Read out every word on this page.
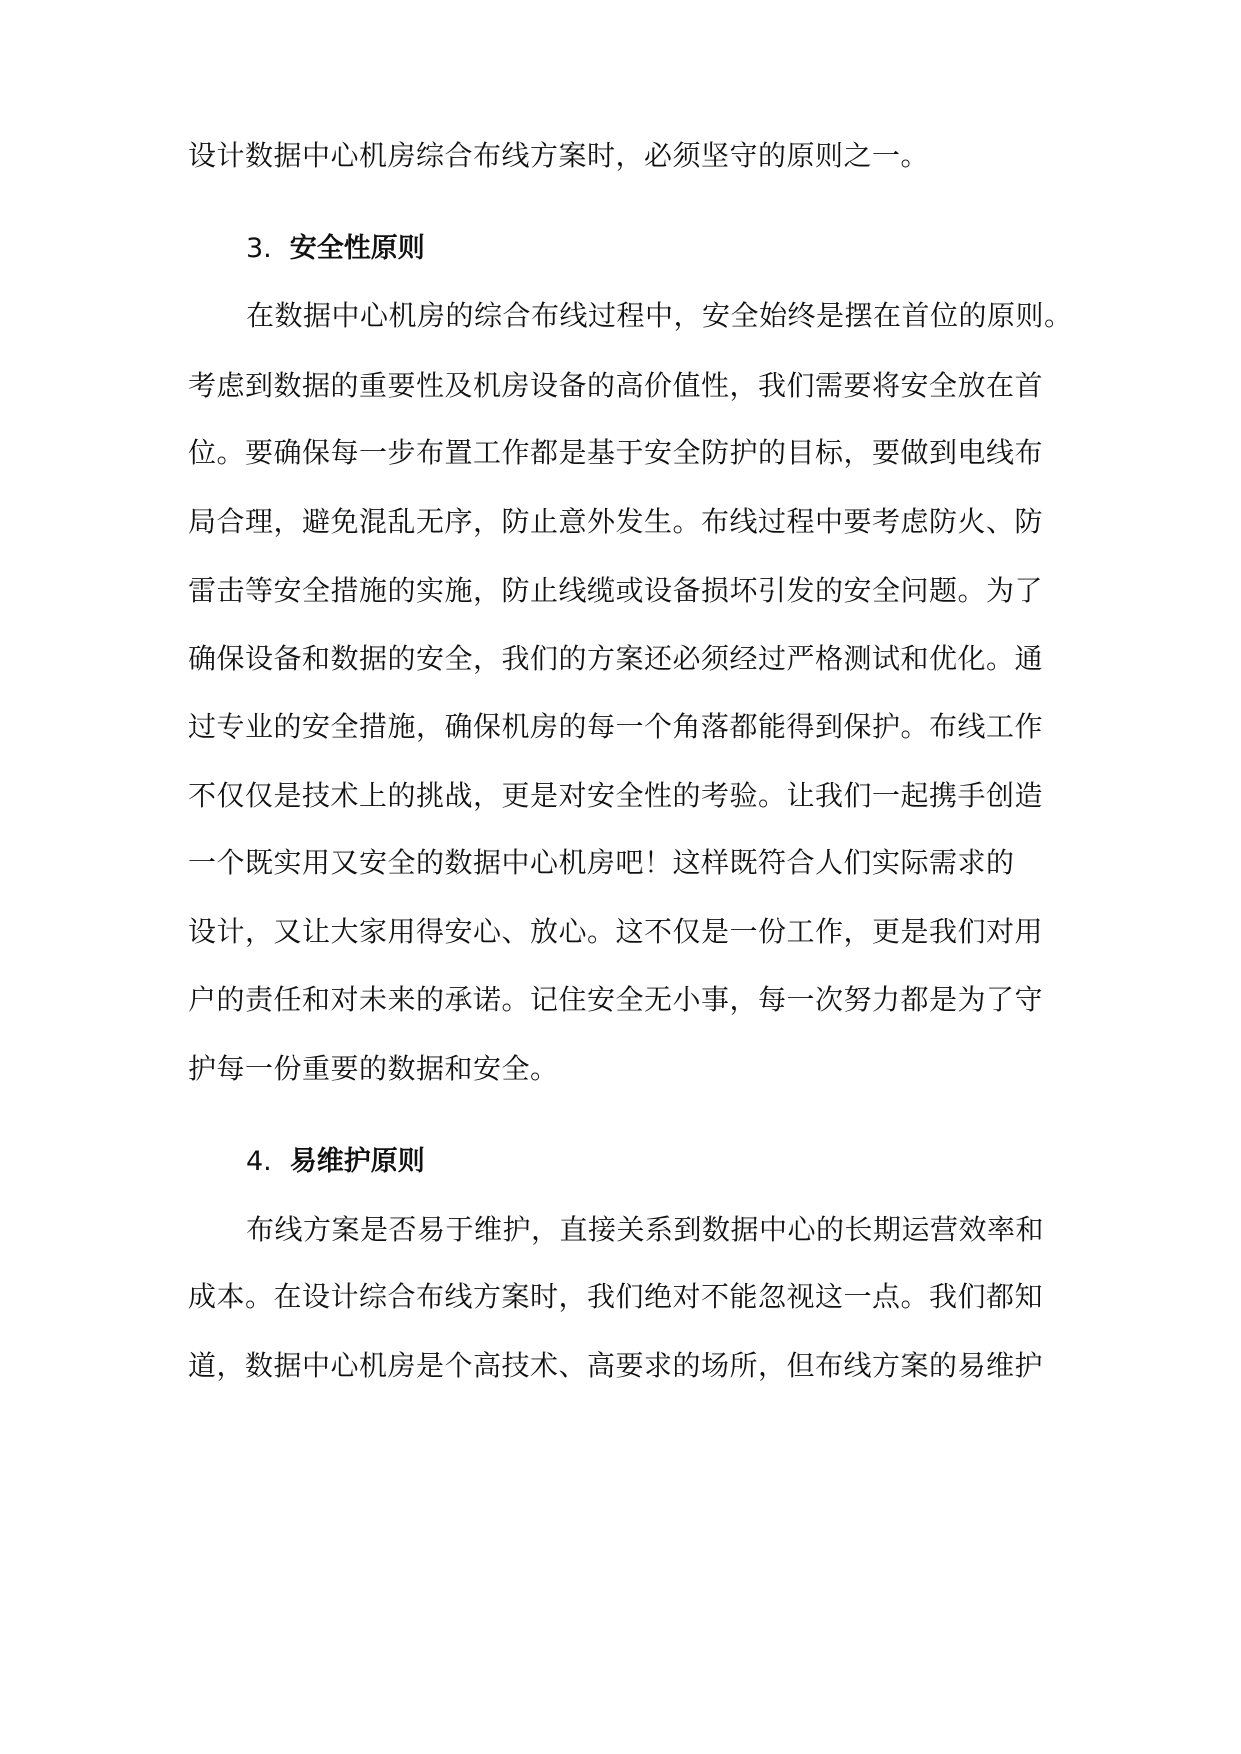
设计数据中心机房综合布线方案时，必须坚守的原则之一。
3. 安全性原则
在数据中心机房的综合布线过程中，安全始终是摆在首位的原则。
考虑到数据的重要性及机房设备的高价值性，我们需要将安全放在首
位。要确保每一步布置工作都是基于安全防护的目标，要做到电线布
局合理，避免混乱无序，防止意外发生。布线过程中要考虑防火、防
雷击等安全措施的实施，防止线缆或设备损坏引发的安全问题。为了
确保设备和数据的安全，我们的方案还必须经过严格测试和优化。通
过专业的安全措施，确保机房的每一个角落都能得到保护。布线工作
不仅仅是技术上的挑战，更是对安全性的考验。让我们一起携手创造
一个既实用又安全的数据中心机房吧！这样既符合人们实际需求的
设计，又让大家用得安心、放心。这不仅是一份工作，更是我们对用
户的责任和对未来的承诺。记住安全无小事，每一次努力都是为了守
护每一份重要的数据和安全。
4. 易维护原则
布线方案是否易于维护，直接关系到数据中心的长期运营效率和
成本。在设计综合布线方案时，我们绝对不能忽视这一点。我们都知
道，数据中心机房是个高技术、高要求的场所，但布线方案的易维护
